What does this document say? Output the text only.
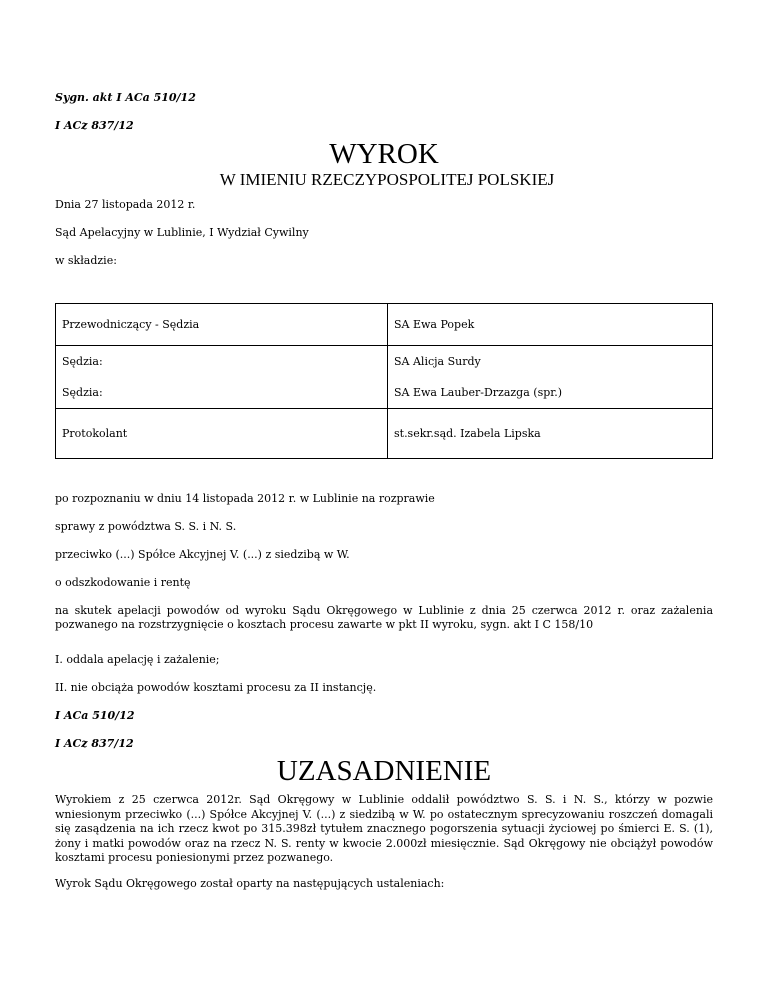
Sygn. akt I ACa 510/12
I ACz 837/12
WYROK
W IMIENIU RZECZYPOSPOLITEJ POLSKIEJ
Dnia 27 listopada 2012 r.
Sąd Apelacyjny w Lublinie, I Wydział Cywilny
w składzie:
Przewodniczący - Sędzia	SA Ewa Popek
Sędzia:	SA Alicja Surdy
Sędzia:	SA Ewa Lauber-Drzazga (spr.)
Protokolant	st.sekr.sąd. Izabela Lipska
po rozpoznaniu w dniu 14 listopada 2012 r. w Lublinie na rozprawie
sprawy z powództwa S. S. i N. S.
przeciwko (...) Spółce Akcyjnej V. (...) z siedzibą w W.
o odszkodowanie i rentę
na skutek apelacji powodów od wyroku Sądu Okręgowego w Lublinie z dnia 25 czerwca 2012 r. oraz zażalenia pozwanego na rozstrzygnięcie o kosztach procesu zawarte w pkt II wyroku, sygn. akt I C 158/10
I. oddala apelację i zażalenie;
II. nie obciąża powodów kosztami procesu za II instancję.
I ACa 510/12
I ACz 837/12
UZASADNIENIE
Wyrokiem z 25 czerwca 2012r. Sąd Okręgowy w Lublinie oddalił powództwo S. S. i N. S., którzy w pozwie wniesionym przeciwko (...) Spółce Akcyjnej V. (...) z siedzibą w W. po ostatecznym sprecyzowaniu roszczeń domagali się zasądzenia na ich rzecz kwot po 315.398zł tytułem znacznego pogorszenia sytuacji życiowej po śmierci E. S. (1), żony i matki powodów oraz na rzecz N. S. renty w kwocie 2.000zł miesięcznie. Sąd Okręgowy nie obciążył powodów kosztami procesu poniesionymi przez pozwanego.
Wyrok Sądu Okręgowego został oparty na następujących ustaleniach:
